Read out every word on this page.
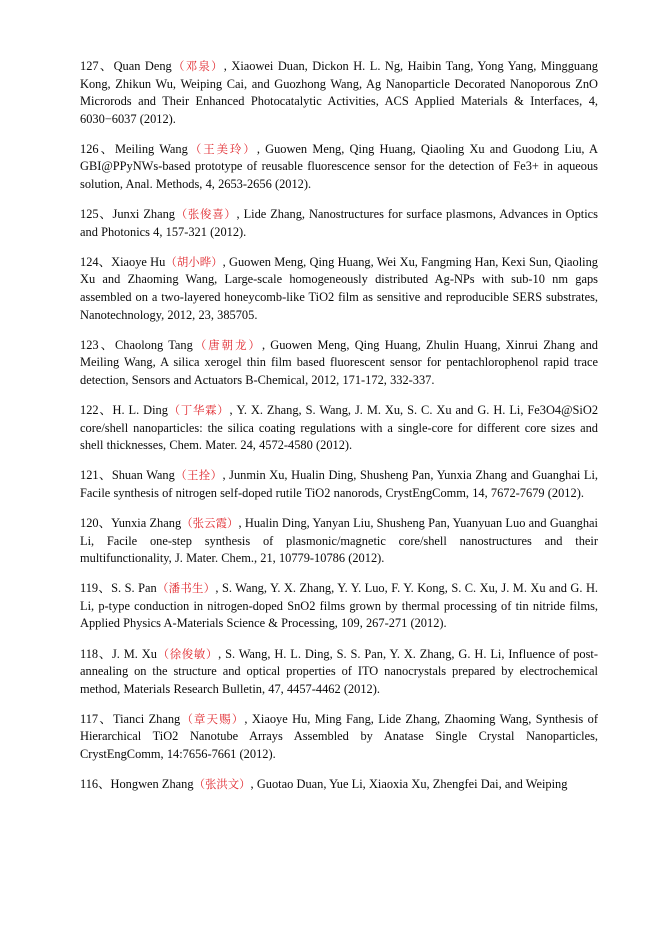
127、Quan Deng（邓泉）, Xiaowei Duan, Dickon H. L. Ng, Haibin Tang, Yong Yang, Mingguang Kong, Zhikun Wu, Weiping Cai, and Guozhong Wang, Ag Nanoparticle Decorated Nanoporous ZnO Microrods and Their Enhanced Photocatalytic Activities, ACS Applied Materials & Interfaces, 4, 6030−6037 (2012).

126、Meiling Wang（王美玲）, Guowen Meng, Qing Huang, Qiaoling Xu and Guodong Liu, A GBI@PPyNWs-based prototype of reusable fluorescence sensor for the detection of Fe3+ in aqueous solution, Anal. Methods, 4, 2653-2656 (2012).

125、Junxi Zhang（张俊喜）, Lide Zhang, Nanostructures for surface plasmons, Advances in Optics and Photonics 4, 157-321 (2012).

124、Xiaoye Hu（胡小晔）, Guowen Meng, Qing Huang, Wei Xu, Fangming Han, Kexi Sun, Qiaoling Xu and Zhaoming Wang, Large-scale homogeneously distributed Ag-NPs with sub-10 nm gaps assembled on a two-layered honeycomb-like TiO2 film as sensitive and reproducible SERS substrates, Nanotechnology, 2012, 23, 385705.

123、Chaolong Tang（唐朝龙）, Guowen Meng, Qing Huang, Zhulin Huang, Xinrui Zhang and Meiling Wang, A silica xerogel thin film based fluorescent sensor for pentachlorophenol rapid trace detection, Sensors and Actuators B-Chemical, 2012, 171-172, 332-337.

122、H. L. Ding（丁华霖）, Y. X. Zhang, S. Wang, J. M. Xu, S. C. Xu and G. H. Li, Fe3O4@SiO2 core/shell nanoparticles: the silica coating regulations with a single-core for different core sizes and shell thicknesses, Chem. Mater. 24, 4572-4580 (2012).

121、Shuan Wang（王拴）, Junmin Xu, Hualin Ding, Shusheng Pan, Yunxia Zhang and Guanghai Li, Facile synthesis of nitrogen self-doped rutile TiO2 nanorods, CrystEngComm, 14, 7672-7679 (2012).

120、Yunxia Zhang（张云霞）, Hualin Ding, Yanyan Liu, Shusheng Pan, Yuanyuan Luo and Guanghai Li, Facile one-step synthesis of plasmonic/magnetic core/shell nanostructures and their multifunctionality, J. Mater. Chem., 21, 10779-10786 (2012).

119、S. S. Pan（潘书生）, S. Wang, Y. X. Zhang, Y. Y. Luo, F. Y. Kong, S. C. Xu, J. M. Xu and G. H. Li, p-type conduction in nitrogen-doped SnO2 films grown by thermal processing of tin nitride films, Applied Physics A-Materials Science & Processing, 109, 267-271 (2012).

118、J. M. Xu（徐俊敏）, S. Wang, H. L. Ding, S. S. Pan, Y. X. Zhang, G. H. Li, Influence of post-annealing on the structure and optical properties of ITO nanocrystals prepared by electrochemical method, Materials Research Bulletin, 47, 4457-4462 (2012).

117、Tianci Zhang（章天赐）, Xiaoye Hu, Ming Fang, Lide Zhang, Zhaoming Wang, Synthesis of Hierarchical TiO2 Nanotube Arrays Assembled by Anatase Single Crystal Nanoparticles, CrystEngComm, 14:7656-7661 (2012).

116、Hongwen Zhang（张洪文）, Guotao Duan, Yue Li, Xiaoxia Xu, Zhengfei Dai, and Weiping
